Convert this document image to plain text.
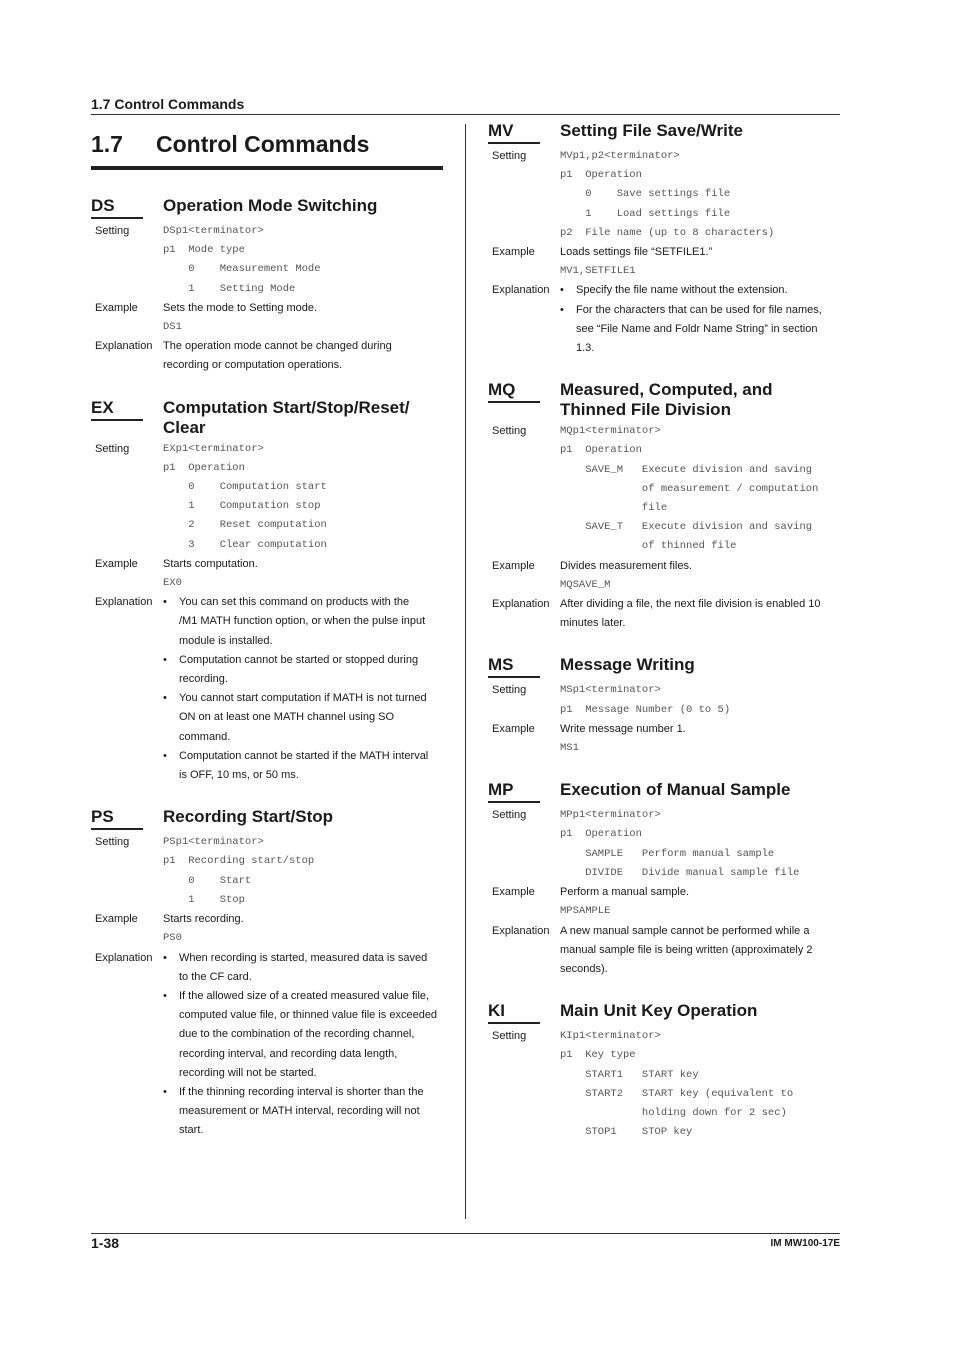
1.7 Control Commands
1.7 Control Commands
DS	Operation Mode Switching
Setting	DSp1<terminator>
p1  Mode type
0    Measurement Mode
1    Setting Mode
Example Sets the mode to Setting mode.
DS1
Explanation The operation mode cannot be changed during
recording or computation operations.
EX	Computation Start/Stop/Reset/
Clear
Setting	EXp1<terminator>
p1  Operation
0    Computation start
1    Computation stop
2    Reset computation
3    Clear computation
Example Starts computation.
EX0
Explanation • You can set this command on products with the
/M1 MATH function option, or when the pulse input
module is installed.
• Computation cannot be started or stopped during
recording.
• You cannot start computation if MATH is not turned
ON on at least one MATH channel using SO
command.
• Computation cannot be started if the MATH interval
is OFF, 10 ms, or 50 ms.
PS	Recording Start/Stop
Setting	PSp1<terminator>
p1  Recording start/stop
0    Start
1    Stop
Example Starts recording.
PS0
Explanation • When recording is started, measured data is saved
to the CF card.
• If the allowed size of a created measured value file,
computed value file, or thinned value file is exceeded
due to the combination of the recording channel,
recording interval, and recording data length,
recording will not be started.
• If the thinning recording interval is shorter than the
measurement or MATH interval, recording will not
start.
MV	Setting File Save/Write
Setting	MVp1,p2<terminator>
p1  Operation
0    Save settings file
1    Load settings file
p2  File name (up to 8 characters)
Example Loads settings file “SETFILE1.”
MV1,SETFILE1
Explanation • Specify the file name without the extension.
• For the characters that can be used for file names,
see “File Name and Foldr Name String” in section
1.3.
MQ	Measured, Computed, and
Thinned File Division
Setting	MQp1<terminator>
p1  Operation
SAVE_M   Execute division and saving
of measurement / computation
file
SAVE_T   Execute division and saving
of thinned file
Example Divides measurement files.
MQSAVE_M
Explanation After dividing a file, the next file division is enabled 10
minutes later.
MS	Message Writing
Setting	MSp1<terminator>
p1  Message Number (0 to 5)
Example Write message number 1.
MS1
MP	Execution of Manual Sample
Setting	MPp1<terminator>
p1  Operation
SAMPLE   Perform manual sample
DIVIDE   Divide manual sample file
Example Perform a manual sample.
MPSAMPLE
Explanation A new manual sample cannot be performed while a
manual sample file is being written (approximately 2
seconds).
KI	Main Unit Key Operation
Setting	KIp1<terminator>
p1  Key type
START1   START key
START2   START key (equivalent to
holding down for 2 sec)
STOP1    STOP key
1-38	IM MW100-17E
